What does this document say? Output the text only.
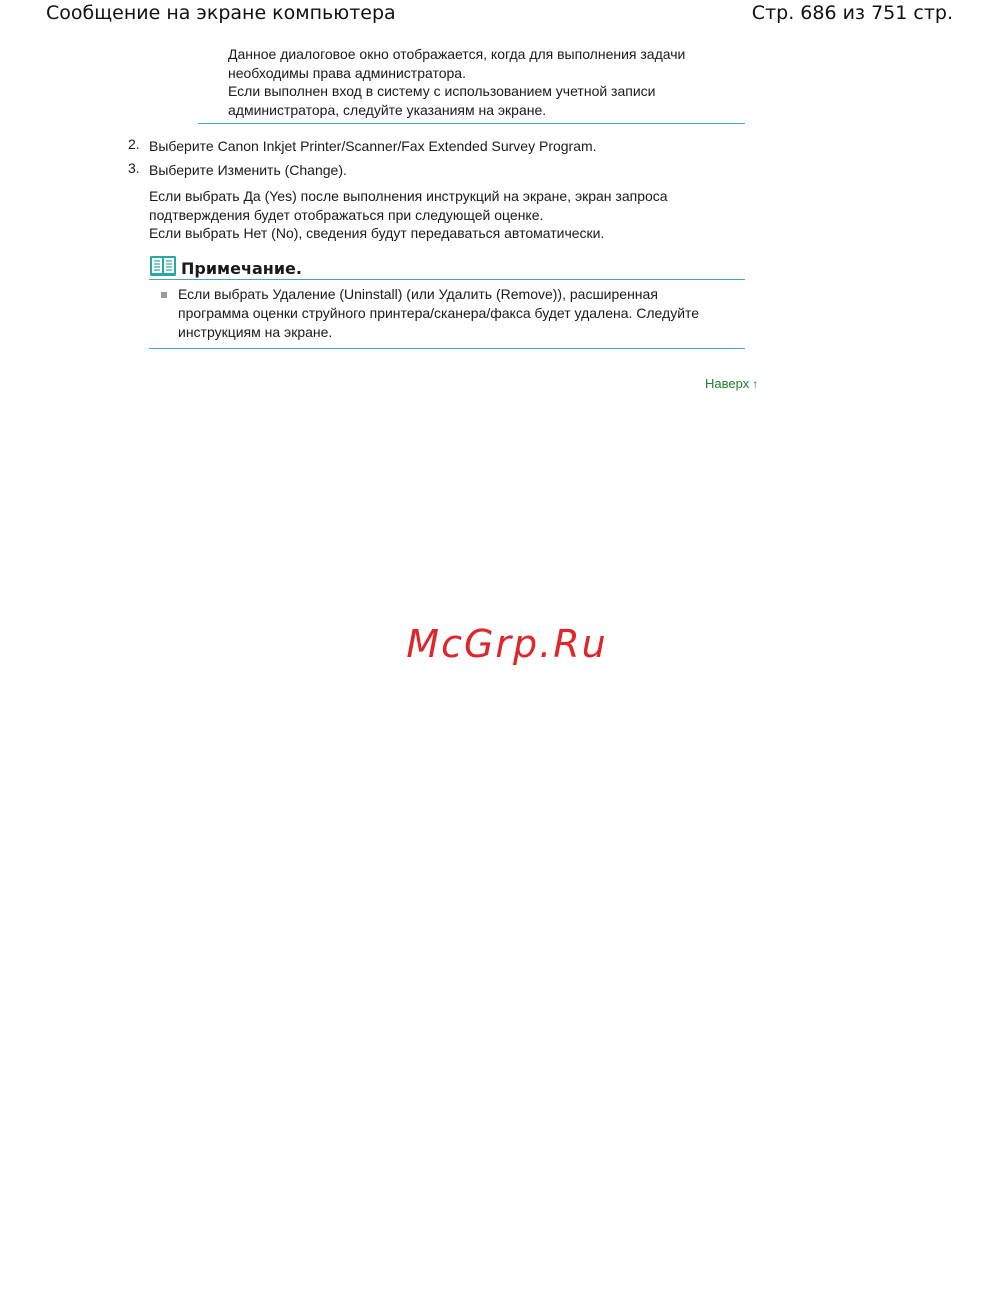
Сообщение на экране компьютера	Стр. 686 из 751 стр.

Данное диалоговое окно отображается, когда для выполнения задачи

необходимы права администратора.

Если выполнен вход в систему с использованием учетной записи

администратора, следуйте указаниям на экране.

2. Выберите Canon Inkjet Printer/Scanner/Fax Extended Survey Program.
3. Выберите Изменить (Change).
Если выбрать Да (Yes) после выполнения инструкций на экране, экран запроса
подтверждения будет отображаться при следующей оценке.
Если выбрать Нет (No), сведения будут передаваться автоматически.
Примечание.
Если выбрать Удаление (Uninstall) (или Удалить (Remove)), расширенная
программа оценки струйного принтера/сканера/факса будет удалена. Следуйте
инструкциям на экране.
Наверх ↑
McGrp.Ru
